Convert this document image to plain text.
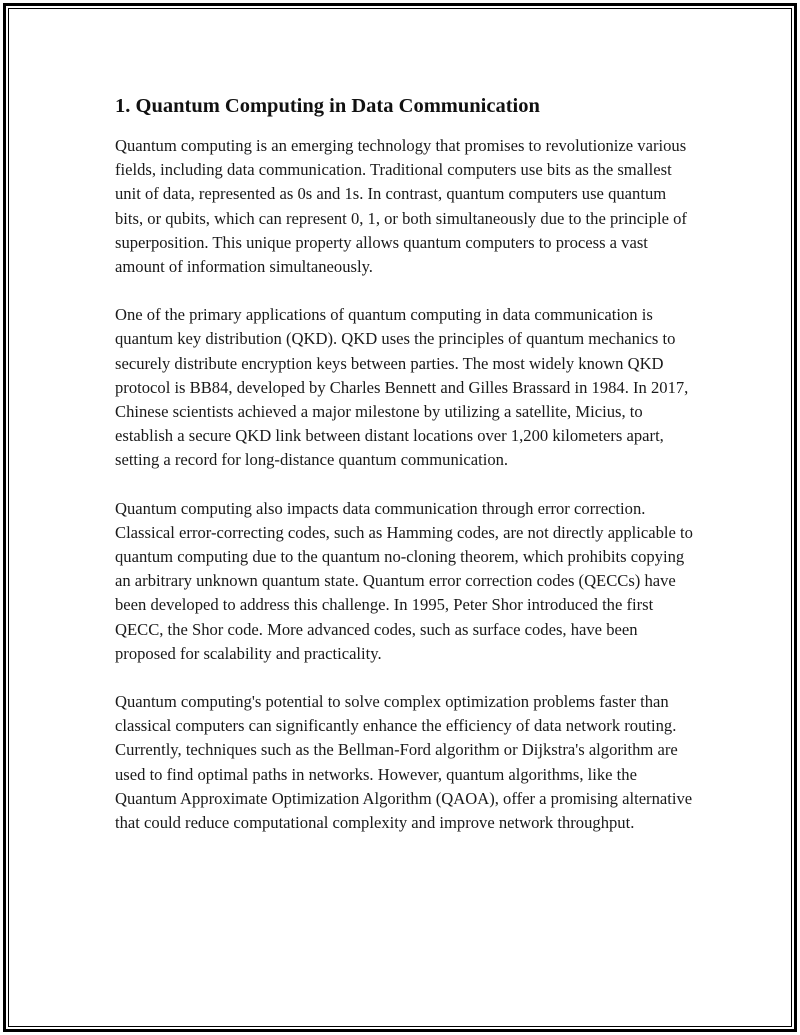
1. Quantum Computing in Data Communication

Quantum computing is an emerging technology that promises to revolutionize various fields, including data communication. Traditional computers use bits as the smallest unit of data, represented as 0s and 1s. In contrast, quantum computers use quantum bits, or qubits, which can represent 0, 1, or both simultaneously due to the principle of superposition. This unique property allows quantum computers to process a vast amount of information simultaneously.

One of the primary applications of quantum computing in data communication is quantum key distribution (QKD). QKD uses the principles of quantum mechanics to securely distribute encryption keys between parties. The most widely known QKD protocol is BB84, developed by Charles Bennett and Gilles Brassard in 1984. In 2017, Chinese scientists achieved a major milestone by utilizing a satellite, Micius, to establish a secure QKD link between distant locations over 1,200 kilometers apart, setting a record for long-distance quantum communication.

Quantum computing also impacts data communication through error correction. Classical error-correcting codes, such as Hamming codes, are not directly applicable to quantum computing due to the quantum no-cloning theorem, which prohibits copying an arbitrary unknown quantum state. Quantum error correction codes (QECCs) have been developed to address this challenge. In 1995, Peter Shor introduced the first QECC, the Shor code. More advanced codes, such as surface codes, have been proposed for scalability and practicality.

Quantum computing's potential to solve complex optimization problems faster than classical computers can significantly enhance the efficiency of data network routing. Currently, techniques such as the Bellman-Ford algorithm or Dijkstra's algorithm are used to find optimal paths in networks. However, quantum algorithms, like the Quantum Approximate Optimization Algorithm (QAOA), offer a promising alternative that could reduce computational complexity and improve network throughput.
